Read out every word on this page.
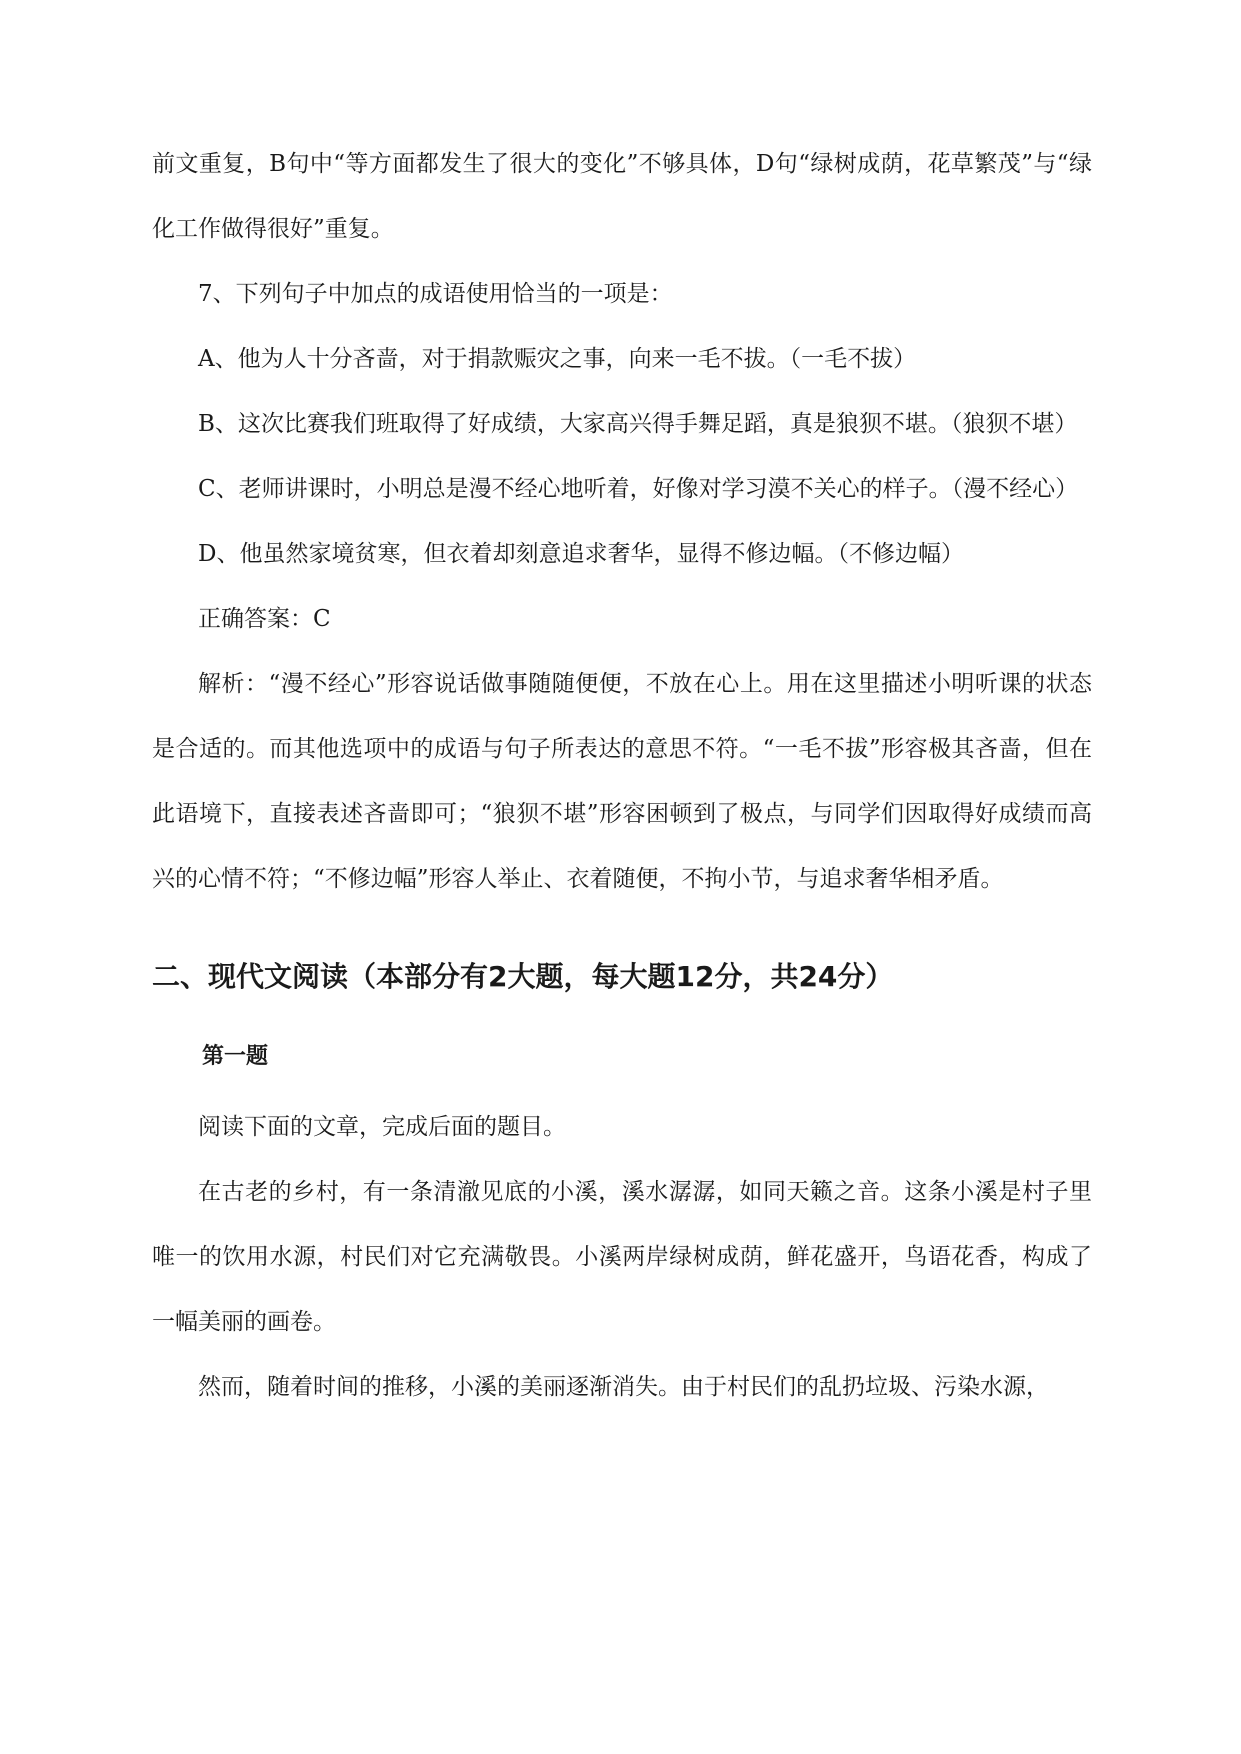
前文重复，B句中“等方面都发生了很大的变化”不够具体，D句“绿树成荫，花草繁茂”与“绿化工作做得很好”重复。

7、下列句子中加点的成语使用恰当的一项是：

A、他为人十分吝啬，对于捐款赈灾之事，向来一毛不拔。（一毛不拔）

B、这次比赛我们班取得了好成绩，大家高兴得手舞足蹈，真是狼狈不堪。（狼狈不堪）

C、老师讲课时，小明总是漫不经心地听着，好像对学习漠不关心的样子。（漫不经心）

D、他虽然家境贫寒，但衣着却刻意追求奢华，显得不修边幅。（不修边幅）

正确答案：C

解析：“漫不经心”形容说话做事随随便便，不放在心上。用在这里描述小明听课的状态是合适的。而其他选项中的成语与句子所表达的意思不符。“一毛不拔”形容极其吝啬，但在此语境下，直接表述吝啬即可；“狼狈不堪”形容困顿到了极点，与同学们因取得好成绩而高兴的心情不符；“不修边幅”形容人举止、衣着随便，不拘小节，与追求奢华相矛盾。

二、现代文阅读（本部分有2大题，每大题12分，共24分）
第一题

阅读下面的文章，完成后面的题目。

在古老的乡村，有一条清澈见底的小溪，溪水潺潺，如同天籁之音。这条小溪是村子里唯一的饮用水源，村民们对它充满敬畏。小溪两岸绿树成荫，鲜花盛开，鸟语花香，构成了一幅美丽的画卷。

然而，随着时间的推移，小溪的美丽逐渐消失。由于村民们的乱扔垃圾、污染水源，
